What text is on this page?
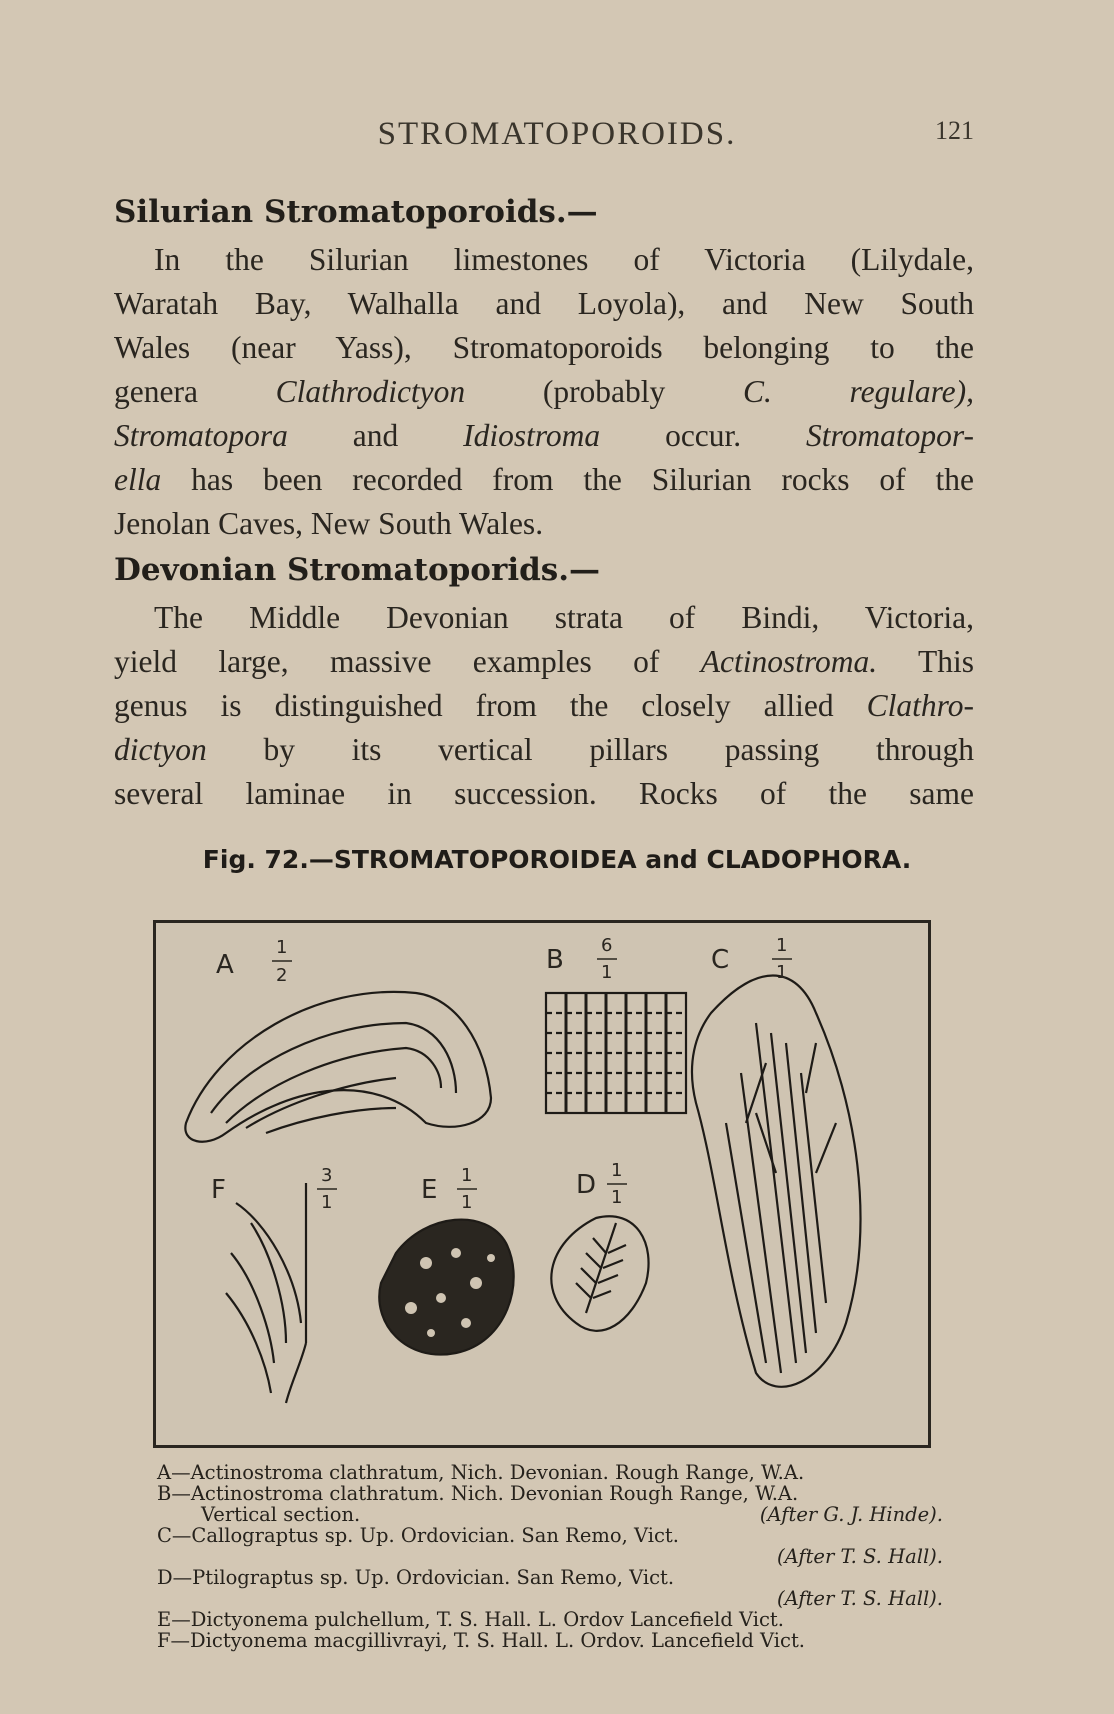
STROMATOPOROIDS.	121
Silurian Stromatoporoids.—
In the Silurian limestones of Victoria (Lilydale,
Waratah Bay, Walhalla and Loyola), and New South
Wales (near Yass), Stromatoporoids belonging to the
genera Clathrodictyon (probably C. regulare),
Stromatopora and Idiostroma occur. Stromatopor-
ella has been recorded from the Silurian rocks of the
Jenolan Caves, New South Wales.
Devonian Stromatoporids.—
The Middle Devonian strata of Bindi, Victoria,
yield large, massive examples of Actinostroma. This
genus is distinguished from the closely allied Clathro-
dictyon by its vertical pillars passing through
several laminae in succession. Rocks of the same
Fig. 72.—STROMATOPOROIDEA and CLADOPHORA.
A
1
2
B 6
1	C	1
1
D 1
1
E 1
1
F	3
1
A—Actinostroma clathratum, Nich. Devonian. Rough Range, W.A.
B—Actinostroma clathratum. Nich. Devonian Rough Range, W.A.
Vertical section.	(After G. J. Hinde).
C—Callograptus sp. Up. Ordovician. San Remo, Vict.
(After T. S. Hall).
D—Ptilograptus sp. Up. Ordovician. San Remo, Vict.
(After T. S. Hall).
E—Dictyonema pulchellum, T. S. Hall. L. Ordov Lancefield Vict.
F—Dictyonema macgillivrayi, T. S. Hall. L. Ordov. Lancefield Vict.
